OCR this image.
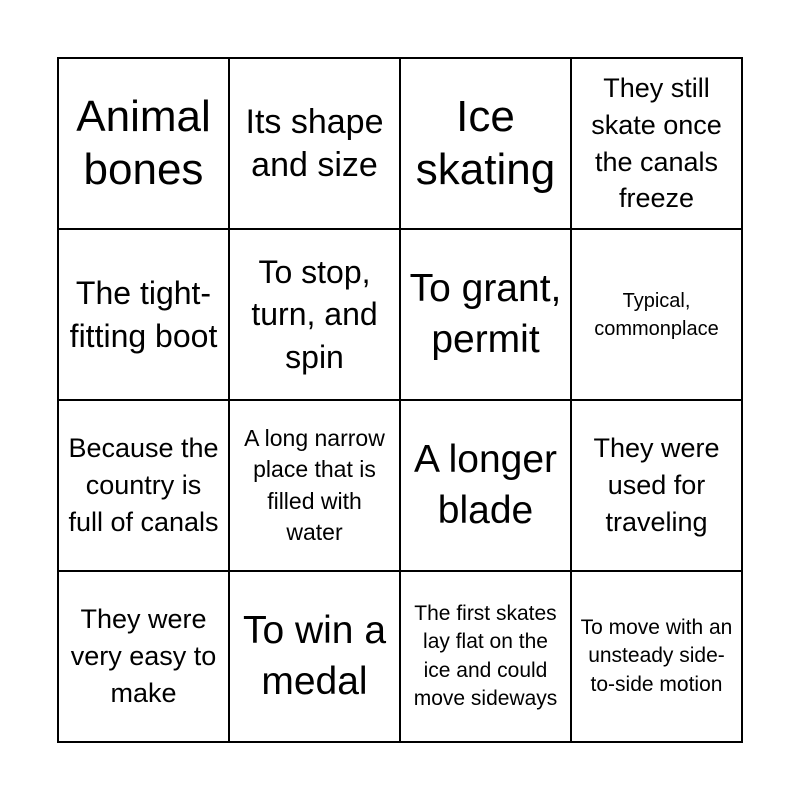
Animal bones
Its shape and size
Ice skating
They still skate once the canals freeze
The tight-fitting boot
To stop, turn, and spin
To grant, permit
Typical, commonplace
Because the country is full of canals
A long narrow place that is filled with water
A longer blade
They were used for traveling
They were very easy to make
To win a medal
The first skates lay flat on the ice and could move sideways
To move with an unsteady side-to-side motion
